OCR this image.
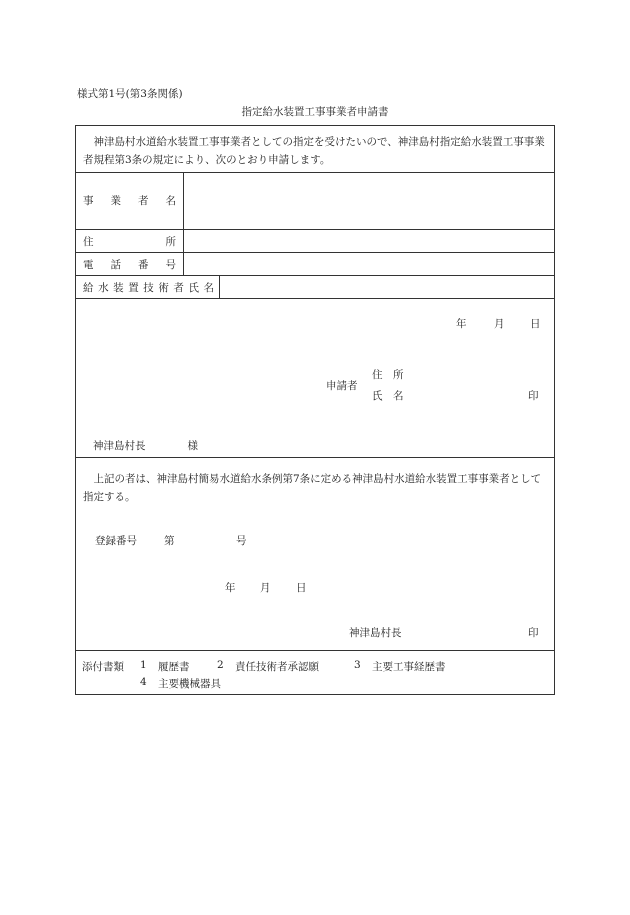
様式第1号(第3条関係)
指定給水装置工事事業者申請書
　神津島村水道給水装置工事事業者としての指定を受けたいので、神津島村指定給水装置工事事業者規程第3条の規定により、次のとおり申請します。
事 業 者 名
住	所
電 話 番 号
給 水 装 置 技 術 者 氏 名
年	月 日
申請者
住　所
氏　名	印
神津島村長　　　　様
　上記の者は、神津島村簡易水道給水条例第7条に定める神津島村水道給水装置工事事業者として指定する。
登録番号	第	号
年 月 日
神津島村長	印
添付書類 1 履歴書	2 責任技術者承認願	3 主要工事経歴書
4 主要機械器具
